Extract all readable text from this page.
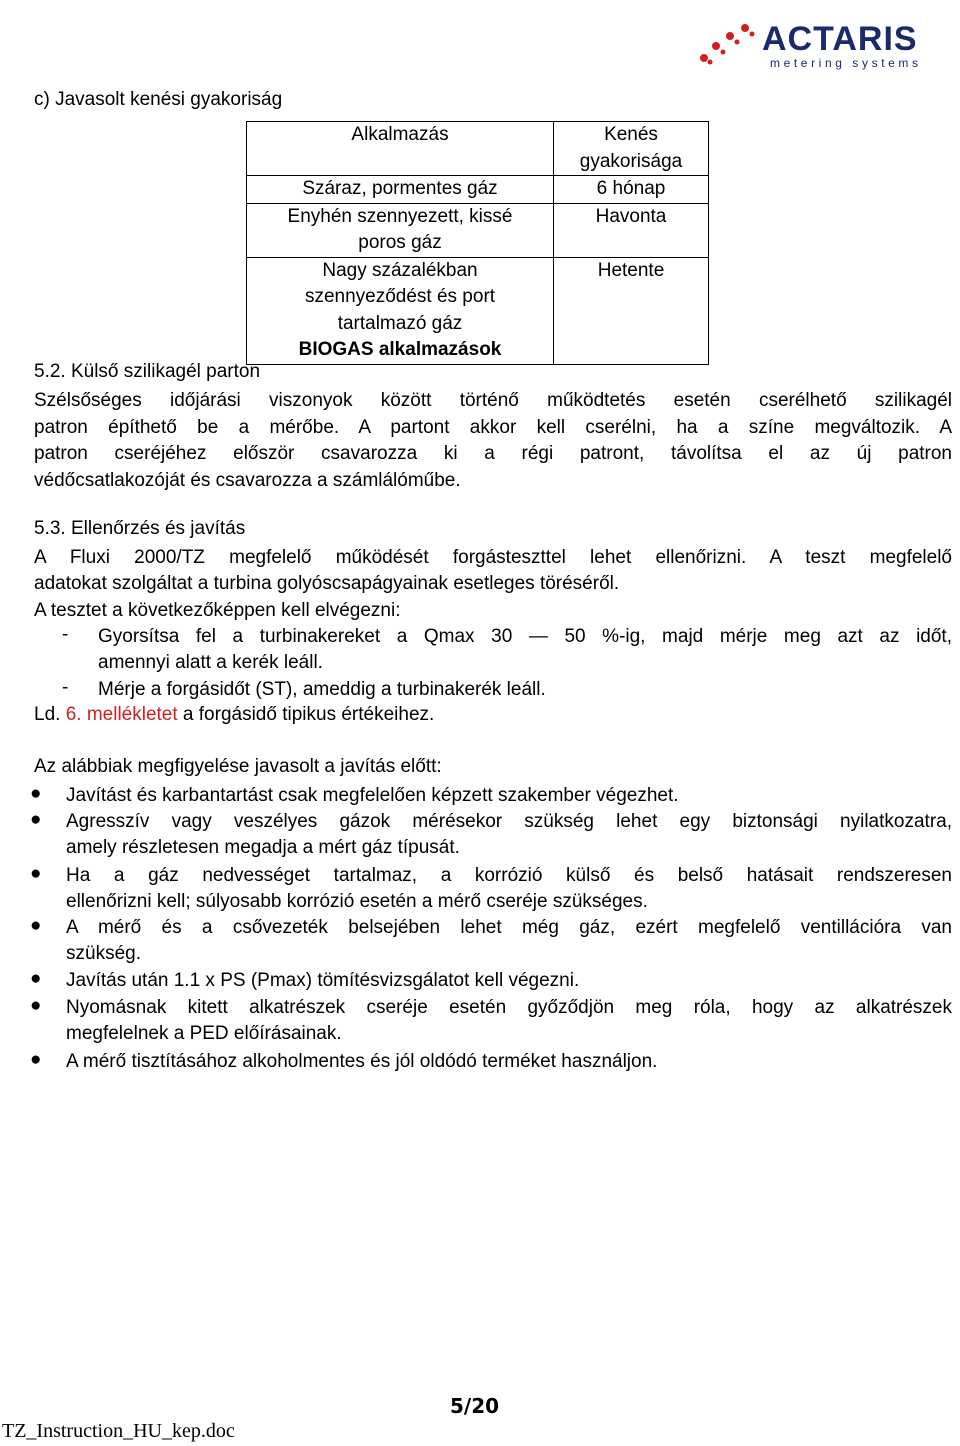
ACTARIS
metering systems
c) Javasolt kenési gyakoriság
Alkalmazás	Kenés
gyakorisága

Száraz, pormentes gáz	6 hónap

Enyhén szennyezett, kissé
poros gáz	Havonta

Nagy százalékban
szennyeződést és port
tartalmazó gáz
BIOGAS alkalmazások	Hetente
5.2. Külső szilikagél parton
Szélsőséges időjárási viszonyok között történő működtetés esetén cserélhető szilikagél
patron építhető be a mérőbe. A partont akkor kell cserélni, ha a színe megváltozik. A
patron cseréjéhez először csavarozza ki a régi patront, távolítsa el az új patron
védőcsatlakozóját és csavarozza a számlálóműbe.
5.3. Ellenőrzés és javítás
A Fluxi 2000/TZ megfelelő működését forgásteszttel lehet ellenőrizni. A teszt megfelelő
adatokat szolgáltat a turbina golyóscsapágyainak esetleges töréséről.
A tesztet a következőképpen kell elvégezni:
- Gyorsítsa fel a turbinakereket a Qmax 30 — 50 %-ig, majd mérje meg azt az időt,
amennyi alatt a kerék leáll.
- Mérje a forgásidőt (ST), ameddig a turbinakerék leáll.
Ld. 6. mellékletet a forgásidő tipikus értékeihez.
Az alábbiak megfigyelése javasolt a javítás előtt:
● Javítást és karbantartást csak megfelelően képzett szakember végezhet.
● Agresszív vagy veszélyes gázok mérésekor szükség lehet egy biztonsági nyilatkozatra,
amely részletesen megadja a mért gáz típusát.
● Ha a gáz nedvességet tartalmaz, a korrózió külső és belső hatásait rendszeresen
ellenőrizni kell; súlyosabb korrózió esetén a mérő cseréje szükséges.
● A mérő és a csővezeték belsejében lehet még gáz, ezért megfelelő ventillációra van
szükség.
● Javítás után 1.1 x PS (Pmax) tömítésvizsgálatot kell végezni.
● Nyomásnak kitett alkatrészek cseréje esetén győződjön meg róla, hogy az alkatrészek
megfelelnek a PED előírásainak.
● A mérő tisztításához alkoholmentes és jól oldódó terméket használjon.
5/20
TZ_Instruction_HU_kep.doc
